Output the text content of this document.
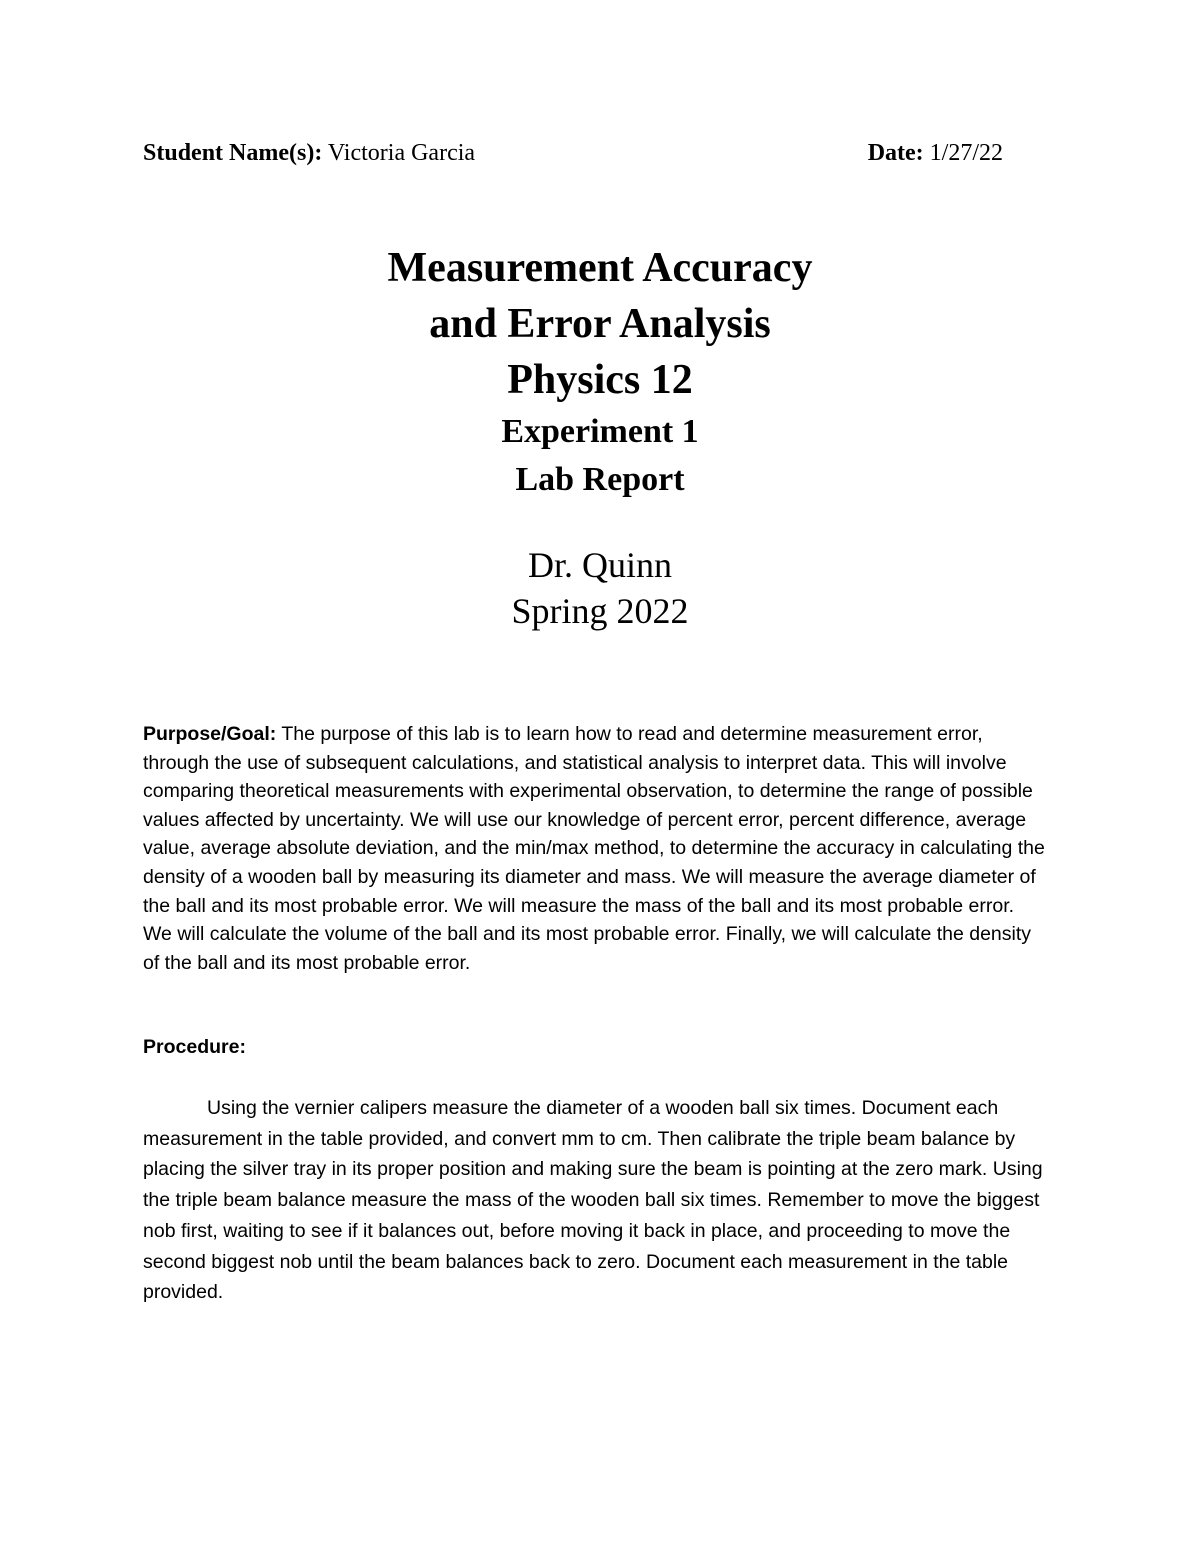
Student Name(s): Victoria Garcia	Date: 1/27/22
Measurement Accuracy
and Error Analysis
Physics 12
Experiment 1
Lab Report
Dr. Quinn
Spring 2022
Purpose/Goal: The purpose of this lab is to learn how to read and determine measurement error, through the use of subsequent calculations, and statistical analysis to interpret data. This will involve comparing theoretical measurements with experimental observation, to determine the range of possible values affected by uncertainty. We will use our knowledge of percent error, percent difference, average value, average absolute deviation, and the min/max method, to determine the accuracy in calculating the density of a wooden ball by measuring its diameter and mass. We will measure the average diameter of the ball and its most probable error. We will measure the mass of the ball and its most probable error. We will calculate the volume of the ball and its most probable error. Finally, we will calculate the density of the ball and its most probable error.
Procedure:
Using the vernier calipers measure the diameter of a wooden ball six times. Document each measurement in the table provided, and convert mm to cm. Then calibrate the triple beam balance by placing the silver tray in its proper position and making sure the beam is pointing at the zero mark. Using the triple beam balance measure the mass of the wooden ball six times. Remember to move the biggest nob first, waiting to see if it balances out, before moving it back in place, and proceeding to move the second biggest nob until the beam balances back to zero. Document each measurement in the table provided.
